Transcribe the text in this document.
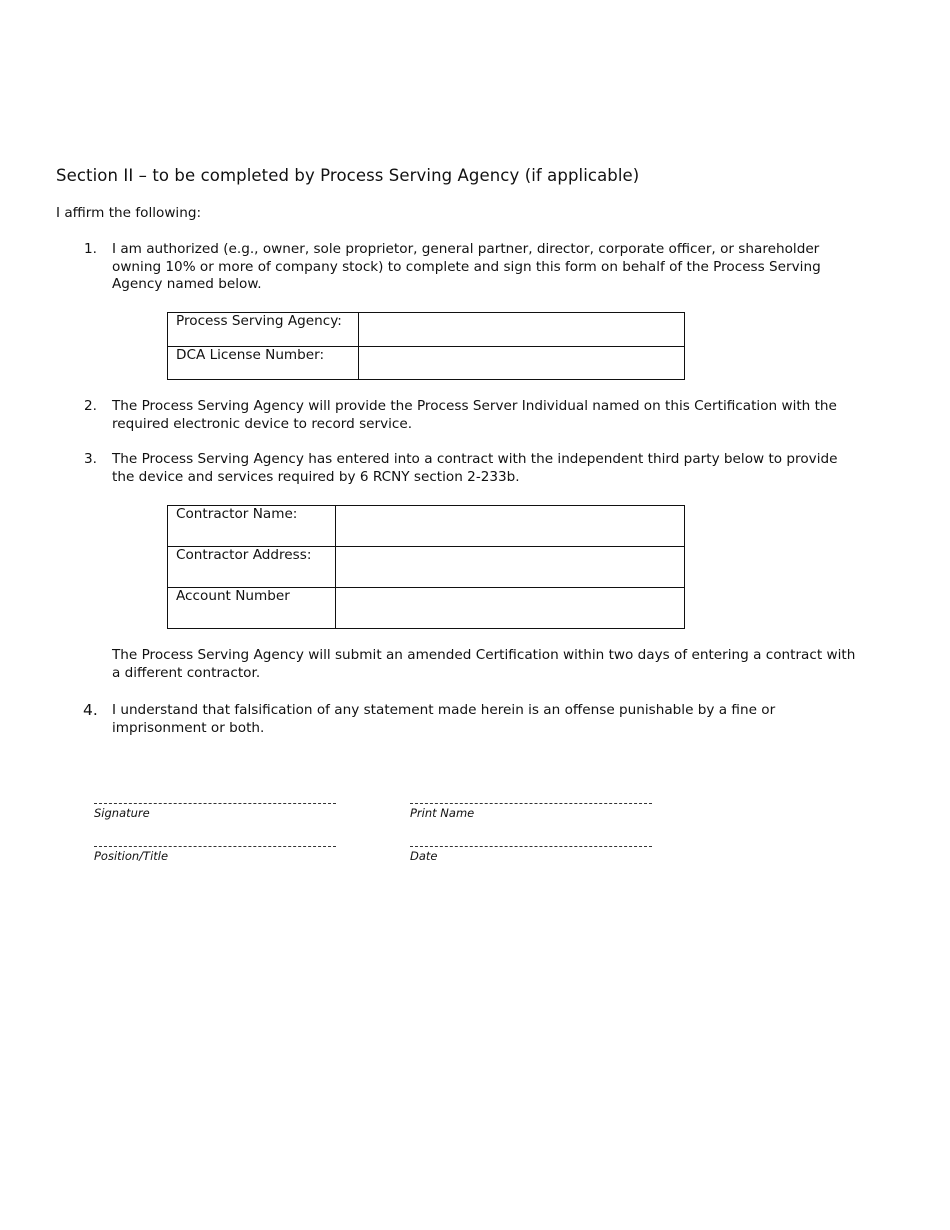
Section II – to be completed by Process Serving Agency (if applicable)
I affirm the following:
1. I am authorized (e.g., owner, sole proprietor, general partner, director, corporate officer, or shareholder owning 10% or more of company stock) to complete and sign this form on behalf of the Process Serving Agency named below.
Process Serving Agency:	
DCA License Number:	
2. The Process Serving Agency will provide the Process Server Individual named on this Certification with the required electronic device to record service.
3. The Process Serving Agency has entered into a contract with the independent third party below to provide the device and services required by 6 RCNY section 2-233b.
Contractor Name:	
Contractor Address:	
Account Number	
The Process Serving Agency will submit an amended Certification within two days of entering a contract with a different contractor.
4. I understand that falsification of any statement made herein is an offense punishable by a fine or imprisonment or both.
Signature	Print Name
Position/Title	Date
